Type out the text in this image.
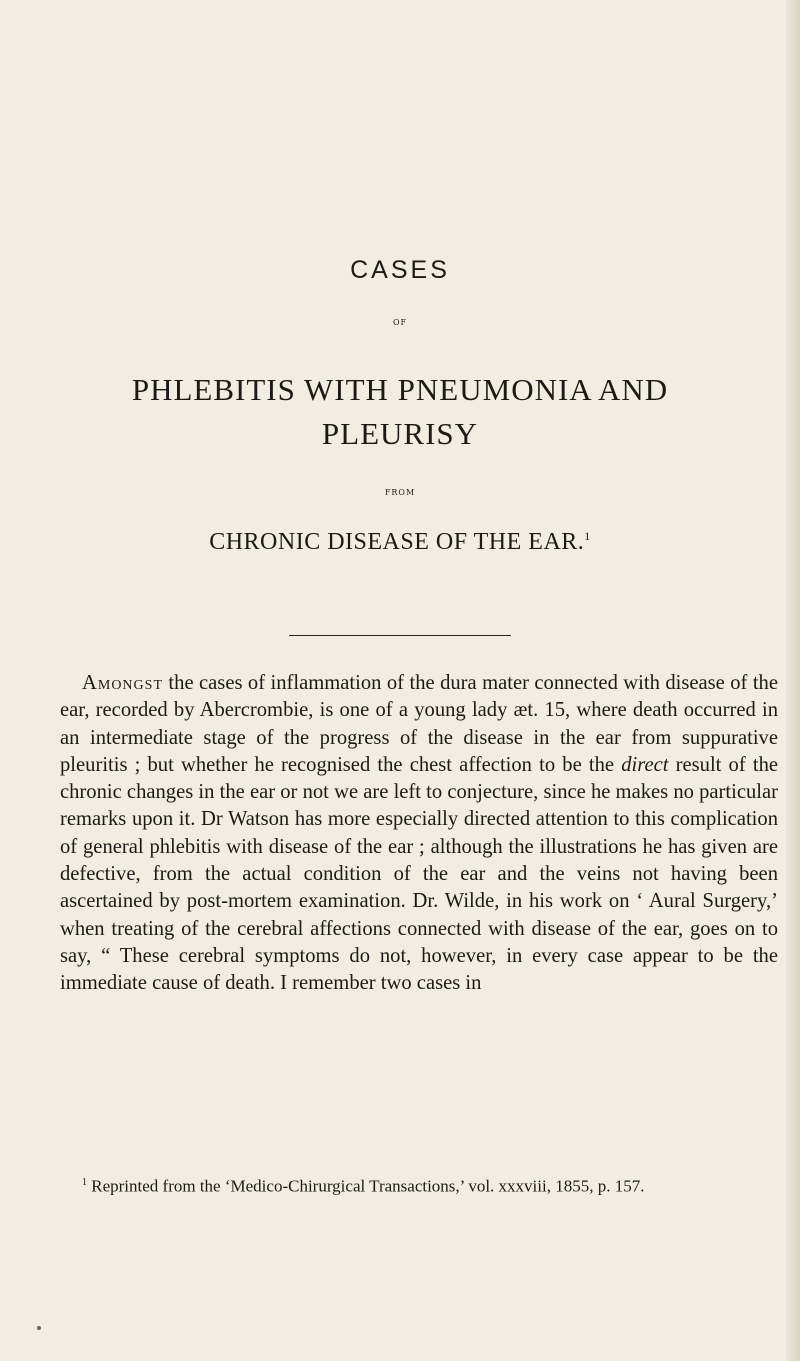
CASES
OF
PHLEBITIS WITH PNEUMONIA AND
PLEURISY
FROM
CHRONIC DISEASE OF THE EAR.$^1$

Amongst the cases of inflammation of the dura mater connected with disease of the ear, recorded by Abercrombie, is one of a young lady æt. 15, where death occurred in an intermediate stage of the progress of the disease in the ear from suppurative pleuritis ; but whether he recognised the chest affection to be the direct result of the chronic changes in the ear or not we are left to conjecture, since he makes no particular remarks upon it. Dr Watson has more especially directed attention to this complication of general phlebitis with disease of the ear ; although the illustrations he has given are defective, from the actual condition of the ear and the veins not having been ascertained by post-mortem examination. Dr. Wilde, in his work on ‘ Aural Surgery,’ when treating of the cerebral affections connected with disease of the ear, goes on to say, “ These cerebral symptoms do not, however, in every case appear to be the immediate cause of death. I remember two cases in

$^1$ Reprinted from the ‘Medico-Chirurgical Transactions,’ vol. xxxviii, 1855, p. 157.
